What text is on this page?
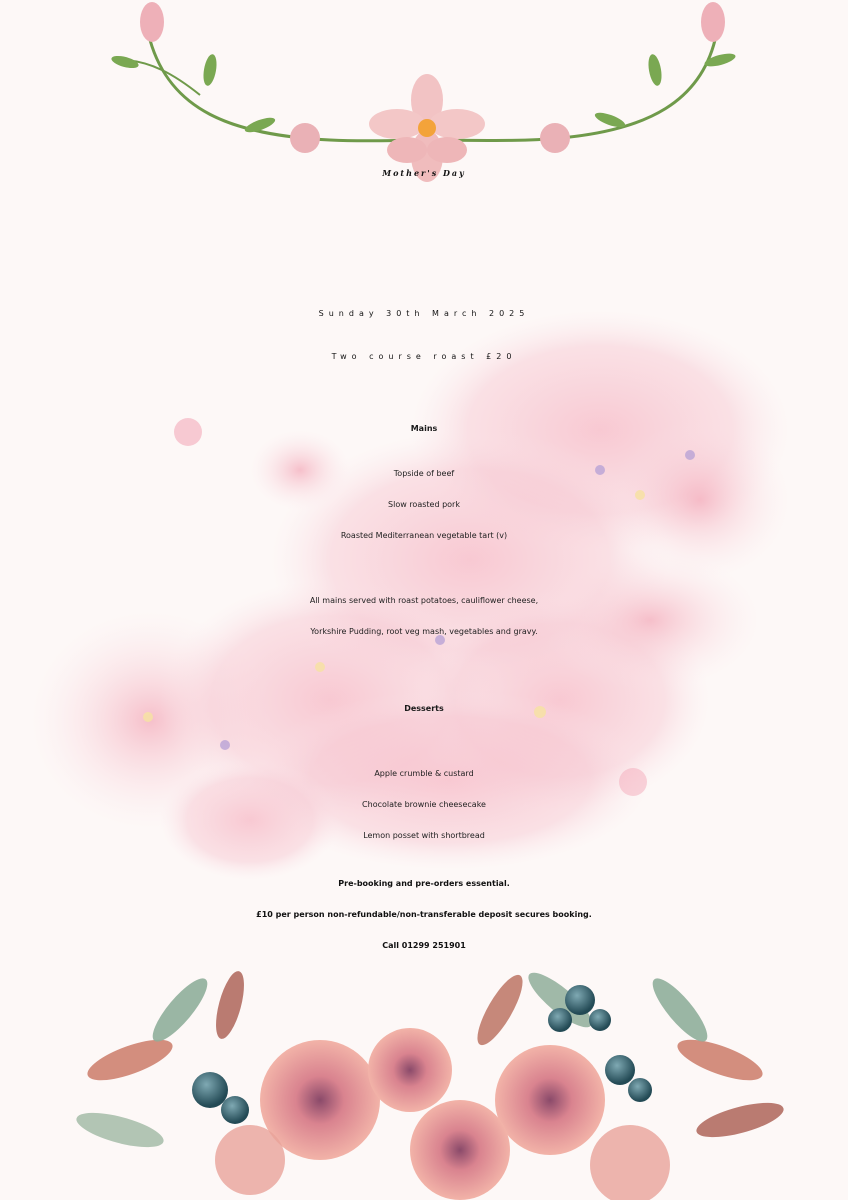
Mother's Day
Sunday 30th March 2025
Two course roast £20
Mains
Topside of beef
Slow roasted pork
Roasted Mediterranean vegetable tart (v)
All mains served with roast potatoes, cauliflower cheese,
Yorkshire Pudding, root veg mash, vegetables and gravy.
Desserts
Apple crumble & custard
Chocolate brownie cheesecake
Lemon posset with shortbread
Pre-booking and pre-orders essential.
£10 per person non-refundable/non-transferable deposit secures booking.
Call 01299 251901
